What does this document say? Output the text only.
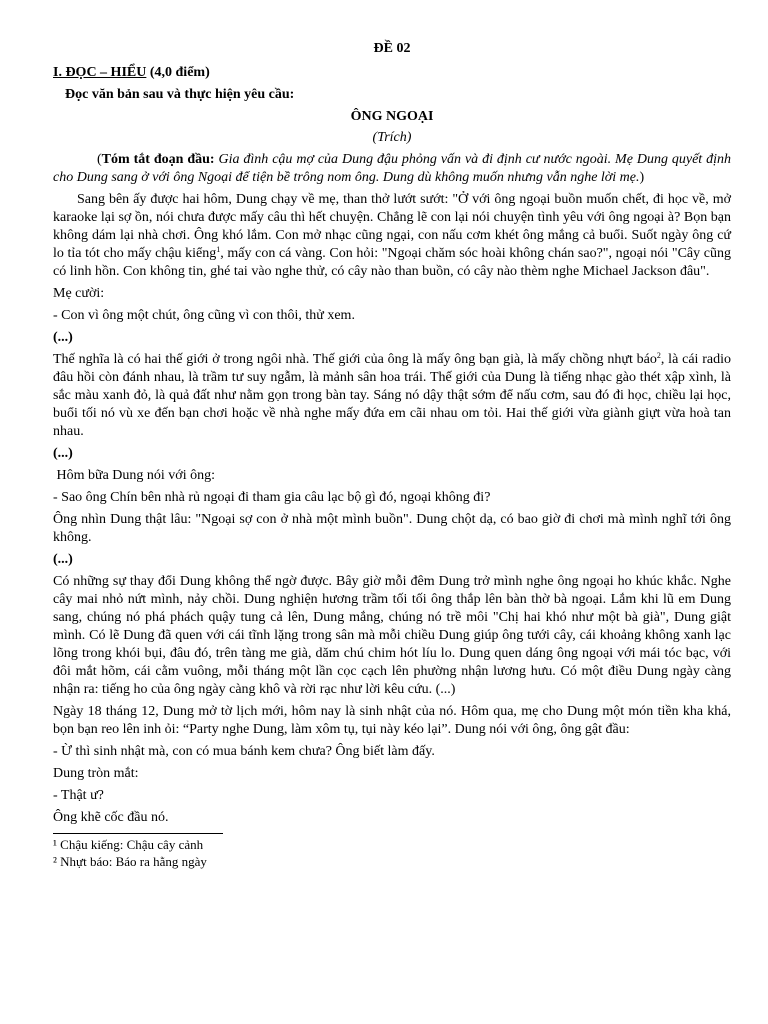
ĐỀ 02

I. ĐỌC – HIỂU (4,0 điểm)

Đọc văn bản sau và thực hiện yêu cầu:

ÔNG NGOẠI

(Trích)

(Tóm tắt đoạn đầu: Gia đình cậu mợ của Dung đậu phỏng vấn và đi định cư nước ngoài. Mẹ Dung quyết định cho Dung sang ở với ông Ngoại để tiện bề trông nom ông. Dung dù không muốn nhưng vẫn nghe lời mẹ.)

Sang bên ấy được hai hôm, Dung chạy về mẹ, than thở lướt sướt: "Ở với ông ngoại buồn muốn chết, đi học về, mở karaoke lại sợ ồn, nói chưa được mấy câu thì hết chuyện. Chẳng lẽ con lại nói chuyện tình yêu với ông ngoại à? Bọn bạn không dám lại nhà chơi. Ông khó lắm. Con mở nhạc cũng ngại, con nấu cơm khét ông mắng cả buổi. Suốt ngày ông cứ lo tỉa tót cho mấy chậu kiểng$^1$, mấy con cá vàng. Con hỏi: "Ngoại chăm sóc hoài không chán sao?", ngoại nói "Cây cũng có linh hồn. Con không tin, ghé tai vào nghe thử, có cây nào than buồn, có cây nào thèm nghe Michael Jackson đâu".

Mẹ cười:

- Con vì ông một chút, ông cũng vì con thôi, thử xem.

(...)

Thế nghĩa là có hai thế giới ở trong ngôi nhà. Thế giới của ông là mấy ông bạn già, là mấy chồng nhựt báo$^2$, là cái radio đâu hồi còn đánh nhau, là trầm tư suy ngẫm, là mảnh sân hoa trái. Thế giới của Dung là tiếng nhạc gào thét xập xình, là sắc màu xanh đỏ, là quả đất như nằm gọn trong bàn tay. Sáng nó dậy thật sớm để nấu cơm, sau đó đi học, chiều lại học, buổi tối nó vù xe đến bạn chơi hoặc về nhà nghe mấy đứa em cãi nhau om tỏi. Hai thế giới vừa giành giựt vừa hoà tan nhau.

(...)

Hôm bữa Dung nói với ông:

- Sao ông Chín bên nhà rủ ngoại đi tham gia câu lạc bộ gì đó, ngoại không đi?

Ông nhìn Dung thật lâu: "Ngoại sợ con ở nhà một mình buồn". Dung chột dạ, có bao giờ đi chơi mà mình nghĩ tới ông không.

(...)

Có những sự thay đổi Dung không thể ngờ được. Bây giờ mỗi đêm Dung trở mình nghe ông ngoại ho khúc khắc. Nghe cây mai nhỏ nứt mình, nảy chồi. Dung nghiện hương trầm tối tối ông thắp lên bàn thờ bà ngoại. Lắm khi lũ em Dung sang, chúng nó phá phách quậy tung cả lên, Dung mắng, chúng nó trề môi "Chị hai khó như một bà già", Dung giật mình. Có lẽ Dung đã quen với cái tĩnh lặng trong sân mà mỗi chiều Dung giúp ông tưới cây, cái khoảng không xanh lạc lõng trong khói bụi, đâu đó, trên tàng me già, dăm chú chim hót líu lo. Dung quen dáng ông ngoại với mái tóc bạc, với đôi mắt hõm, cái cằm vuông, mỗi tháng một lần cọc cạch lên phường nhận lương hưu. Có một điều Dung ngày càng nhận ra: tiếng ho của ông ngày càng khô và rời rạc như lời kêu cứu. (...)

Ngày 18 tháng 12, Dung mở tờ lịch mới, hôm nay là sinh nhật của nó. Hôm qua, mẹ cho Dung một món tiền kha khá, bọn bạn reo lên inh ỏi: “Party nghe Dung, làm xôm tụ, tụi này kéo lại”. Dung nói với ông, ông gật đầu:

- Ừ thì sinh nhật mà, con có mua bánh kem chưa? Ông biết làm đấy.

Dung tròn mắt:

- Thật ư?

Ông khẽ cốc đầu nó.

¹ Chậu kiếng: Chậu cây cảnh

² Nhựt báo: Báo ra hằng ngày
